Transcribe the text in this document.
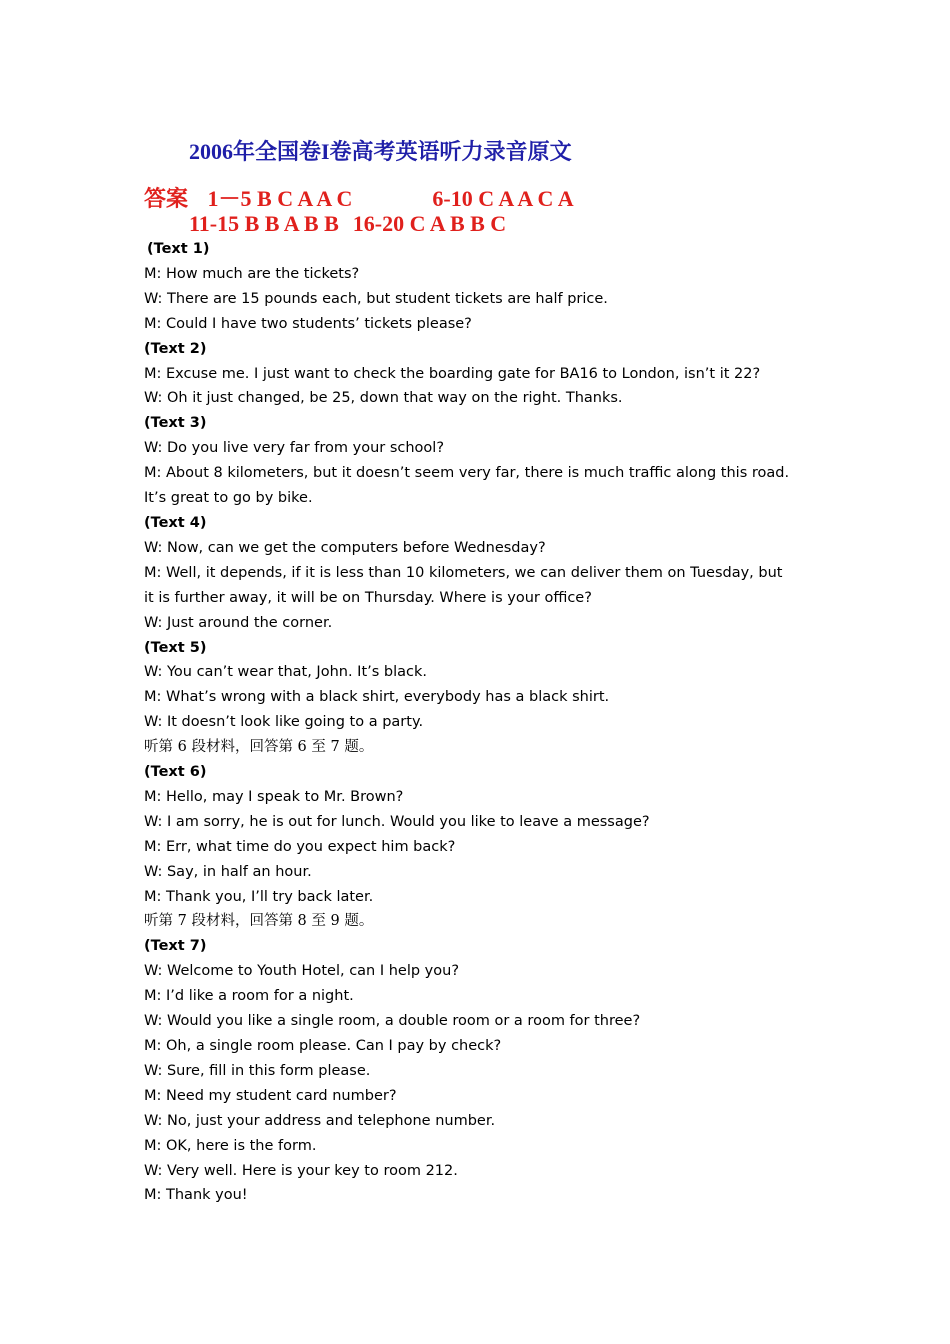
2006年全国卷I卷高考英语听力录音原文
答案 1－5 B C A A C	6-10 C A A C A
11-15 B B A B B 16-20 C A B B C

(Text 1)

M: How much are the tickets?

W: There are 15 pounds each, but student tickets are half price.

M: Could I have two students’ tickets please?

(Text 2)

M: Excuse me. I just want to check the boarding gate for BA16 to London, isn’t it 22?

W: Oh it just changed, be 25, down that way on the right. Thanks.

(Text 3)

W: Do you live very far from your school?

M: About 8 kilometers, but it doesn’t seem very far, there is much traffic along this road. It’s great to go by bike.

(Text 4)

W: Now, can we get the computers before Wednesday?

M: Well, it depends, if it is less than 10 kilometers, we can deliver them on Tuesday, but it is further away, it will be on Thursday. Where is your office?

W: Just around the corner.

(Text 5)

W: You can’t wear that, John. It’s black.

M: What’s wrong with a black shirt, everybody has a black shirt.

W: It doesn’t look like going to a party.

听第 6 段材料，回答第 6 至 7 题。

(Text 6)

M: Hello, may I speak to Mr. Brown?

W: I am sorry, he is out for lunch. Would you like to leave a message?

M: Err, what time do you expect him back?

W: Say, in half an hour.

M: Thank you, I’ll try back later.

听第 7 段材料，回答第 8 至 9 题。

(Text 7)

W: Welcome to Youth Hotel, can I help you?

M: I’d like a room for a night.

W: Would you like a single room, a double room or a room for three?

M: Oh, a single room please. Can I pay by check?

W: Sure, fill in this form please.

M: Need my student card number?

W: No, just your address and telephone number.

M: OK, here is the form.

W: Very well. Here is your key to room 212.

M: Thank you!
